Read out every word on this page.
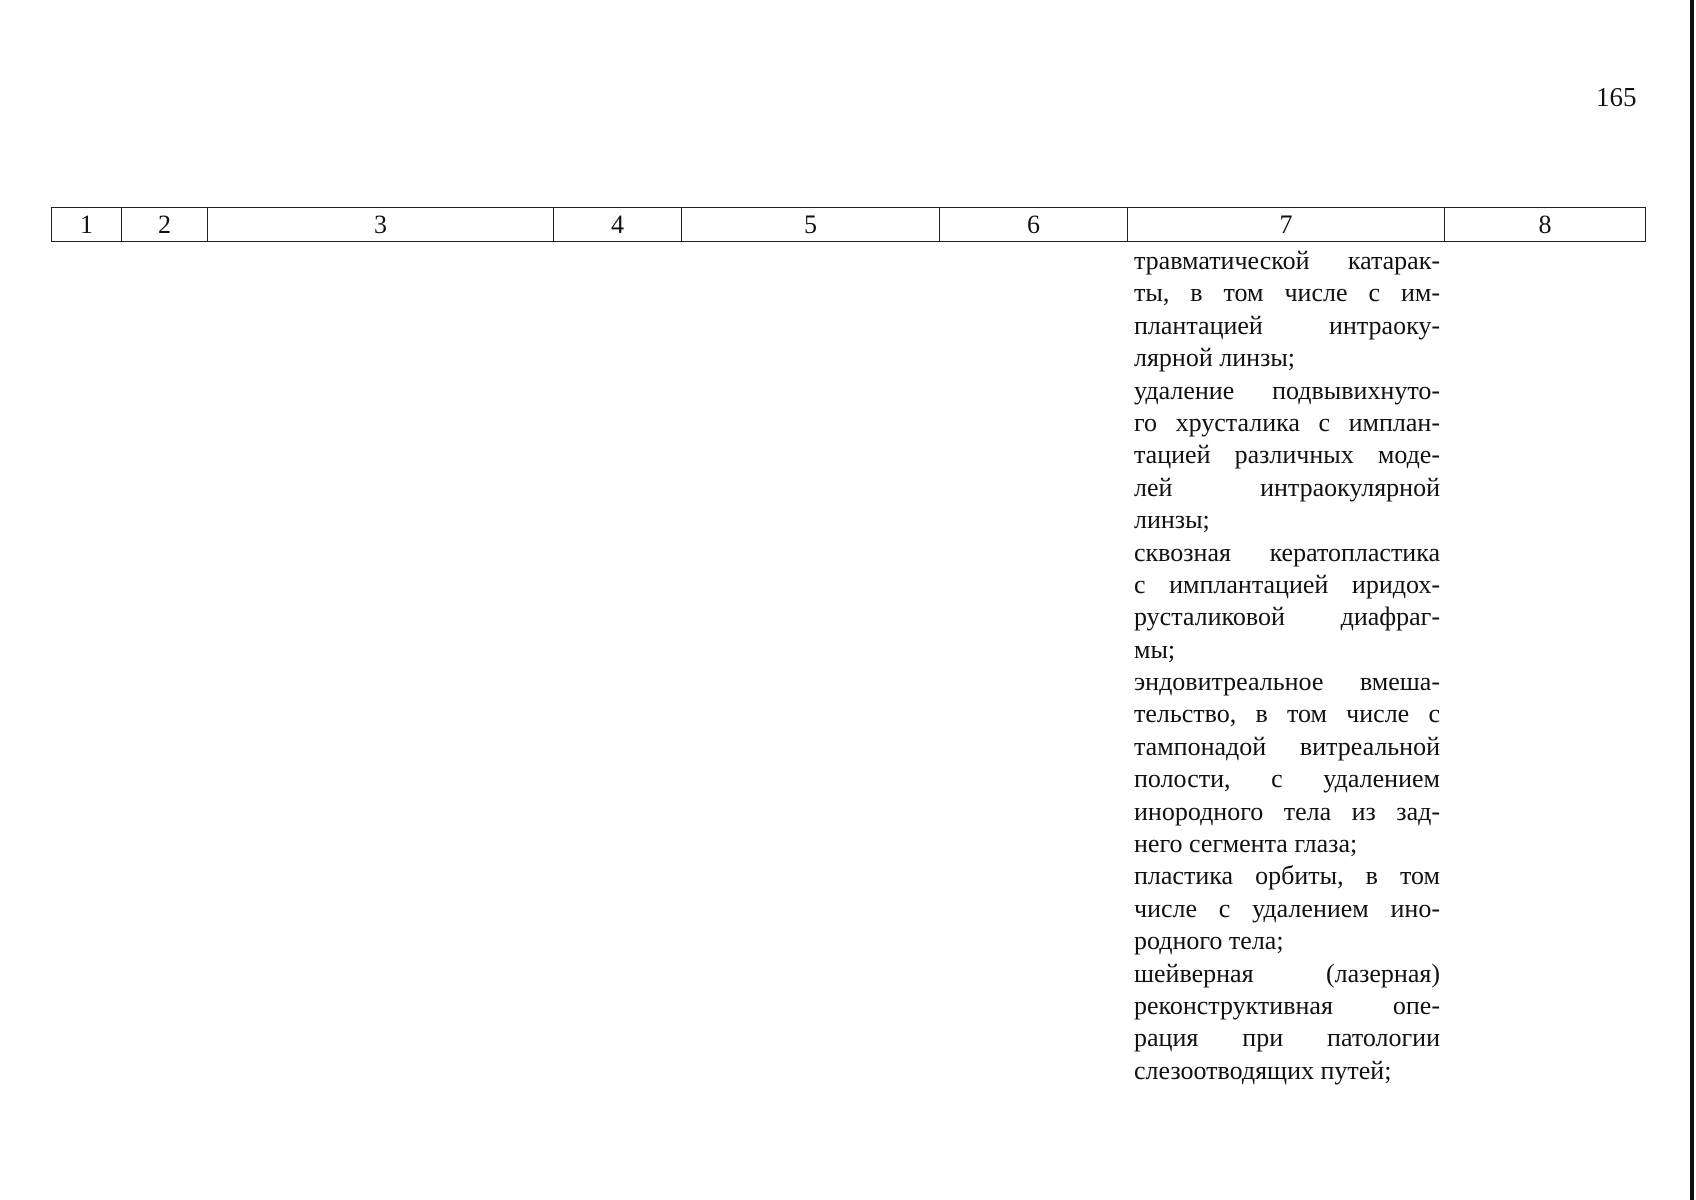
165
1	2	3	4	5	6	7	8
травматической катарак-
ты, в том числе с им-
плантацией интраоку-
лярной линзы;
удаление подвывихнуто-
го хрусталика с имплан-
тацией различных моде-
лей интраокулярной
линзы;
сквозная кератопластика
с имплантацией иридох-
русталиковой диафраг-
мы;
эндовитреальное вмеша-
тельство, в том числе с
тампонадой витреальной
полости, с удалением
инородного тела из зад-
него сегмента глаза;
пластика орбиты, в том
числе с удалением ино-
родного тела;
шейверная (лазерная)
реконструктивная опе-
рация при патологии
слезоотводящих путей;
